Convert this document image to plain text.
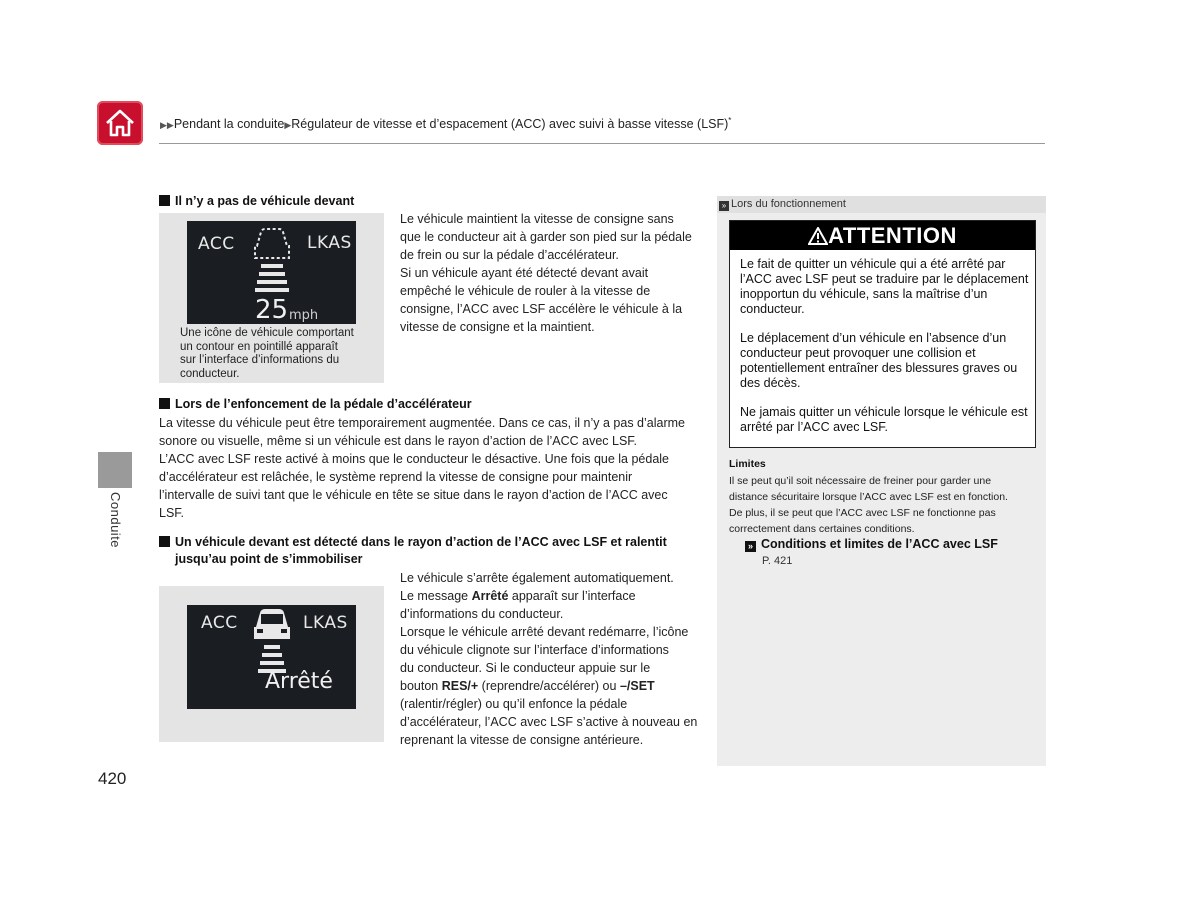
▶▶Pendant la conduite▶Régulateur de vitesse et d’espacement (ACC) avec suivi à basse vitesse (LSF)*
Conduite
Il n’y a pas de véhicule devant
ACC	LKAS
25 mph
Une icône de véhicule comportant
un contour en pointillé apparaît
sur l’interface d’informations du
conducteur.
Le véhicule maintient la vitesse de consigne sans
que le conducteur ait à garder son pied sur la pédale
de frein ou sur la pédale d’accélérateur.
Si un véhicule ayant été détecté devant avait
empêché le véhicule de rouler à la vitesse de
consigne, l’ACC avec LSF accélère le véhicule à la
vitesse de consigne et la maintient.
Lors de l’enfoncement de la pédale d’accélérateur
La vitesse du véhicule peut être temporairement augmentée. Dans ce cas, il n’y a pas d’alarme
sonore ou visuelle, même si un véhicule est dans le rayon d’action de l’ACC avec LSF.
L’ACC avec LSF reste activé à moins que le conducteur le désactive. Une fois que la pédale
d’accélérateur est relâchée, le système reprend la vitesse de consigne pour maintenir
l’intervalle de suivi tant que le véhicule en tête se situe dans le rayon d’action de l’ACC avec
LSF.
Un véhicule devant est détecté dans le rayon d’action de l’ACC avec LSF et ralentit
jusqu’au point de s’immobiliser
ACC	LKAS
Arrêté
Le véhicule s’arrête également automatiquement.
Le message Arrêté apparaît sur l’interface
d’informations du conducteur.
Lorsque le véhicule arrêté devant redémarre, l’icône
du véhicule clignote sur l’interface d’informations
du conducteur. Si le conducteur appuie sur le
bouton RES/+ (reprendre/accélérer) ou –/SET
(ralentir/régler) ou qu’il enfonce la pédale
d’accélérateur, l’ACC avec LSF s’active à nouveau en
reprenant la vitesse de consigne antérieure.
» Lors du fonctionnement
ATTENTION

Le fait de quitter un véhicule qui a été arrêté par l’ACC avec LSF peut se traduire par le déplacement inopportun du véhicule, sans la maîtrise d’un conducteur.

Le déplacement d’un véhicule en l’absence d’un conducteur peut provoquer une collision et potentiellement entraîner des blessures graves ou des décès.

Ne jamais quitter un véhicule lorsque le véhicule est arrêté par l’ACC avec LSF.

Limites
Il se peut qu’il soit nécessaire de freiner pour garder une
distance sécuritaire lorsque l’ACC avec LSF est en fonction.
De plus, il se peut que l’ACC avec LSF ne fonctionne pas
correctement dans certaines conditions.
» Conditions et limites de l’ACC avec LSF
P. 421
420
